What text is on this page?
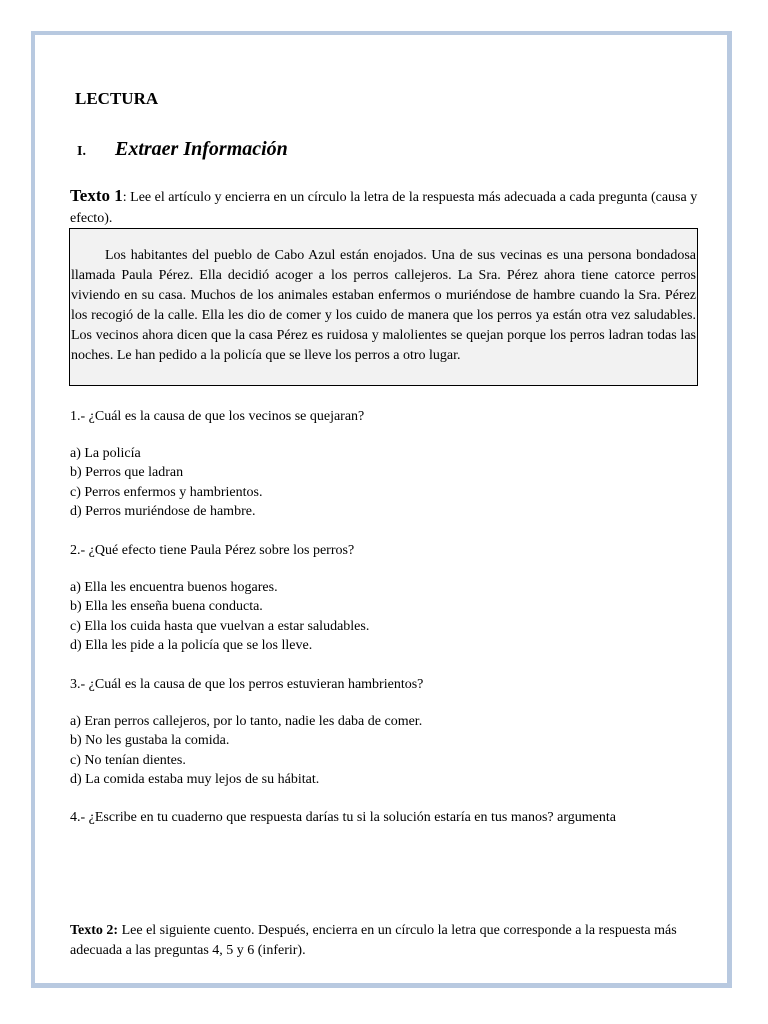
LECTURA
I.	Extraer Información
Texto 1: Lee el artículo y encierra en un círculo la letra de la respuesta más adecuada a cada pregunta (causa y efecto).

Los habitantes del pueblo de Cabo Azul están enojados. Una de sus vecinas es una persona bondadosa llamada Paula Pérez. Ella decidió acoger a los perros callejeros. La Sra. Pérez ahora tiene catorce perros viviendo en su casa. Muchos de los animales estaban enfermos o muriéndose de hambre cuando la Sra. Pérez los recogió de la calle. Ella les dio de comer y los cuido de manera que los perros ya están otra vez saludables. Los vecinos ahora dicen que la casa Pérez es ruidosa y malolientes se quejan porque los perros ladran todas las noches. Le han pedido a la policía que se lleve los perros a otro lugar.

1.- ¿Cuál es la causa de que los vecinos se quejaran?
a) La policía
b) Perros que ladran
c) Perros enfermos y hambrientos.
d) Perros muriéndose de hambre.
2.- ¿Qué efecto tiene Paula Pérez sobre los perros?
a) Ella les encuentra buenos hogares.
b) Ella les enseña buena conducta.
c) Ella los cuida hasta que vuelvan a estar saludables.
d) Ella les pide a la policía que se los lleve.
3.- ¿Cuál es la causa de que los perros estuvieran hambrientos?
a) Eran perros callejeros, por lo tanto, nadie les daba de comer.
b) No les gustaba la comida.
c) No tenían dientes.
d) La comida estaba muy lejos de su hábitat.
4.- ¿Escribe en tu cuaderno que respuesta darías tu si la solución estaría en tus manos? argumenta
Texto 2: Lee el siguiente cuento. Después, encierra en un círculo la letra que corresponde a la respuesta más adecuada a las preguntas 4, 5 y 6 (inferir).
